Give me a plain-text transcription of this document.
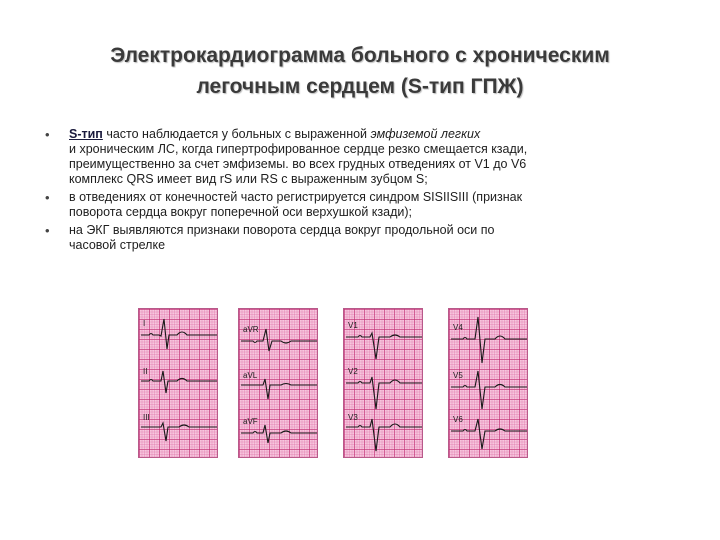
Электрокардиограмма больного с хроническим
легочным сердцем (S-тип ГПЖ)
• S-тип часто наблюдается у больных с выраженной эмфиземой легких
и хроническим ЛС, когда гипертрофированное сердце резко смещается кзади,
преимущественно за счет эмфиземы. во всех грудных отведениях от V1 до V6
комплекс QRS имеет вид rS или RS с выраженным зубцом S;
• в отведениях от конечностей часто регистрируется синдром SISIISIII (признак
поворота сердца вокруг поперечной оси верхушкой кзади);
• на ЭКГ выявляются признаки поворота сердца вокруг продольной оси по
часовой стрелке
I
II
III
aVR
aVL
aVF
V1
V2
V3
V4
V5
V6
